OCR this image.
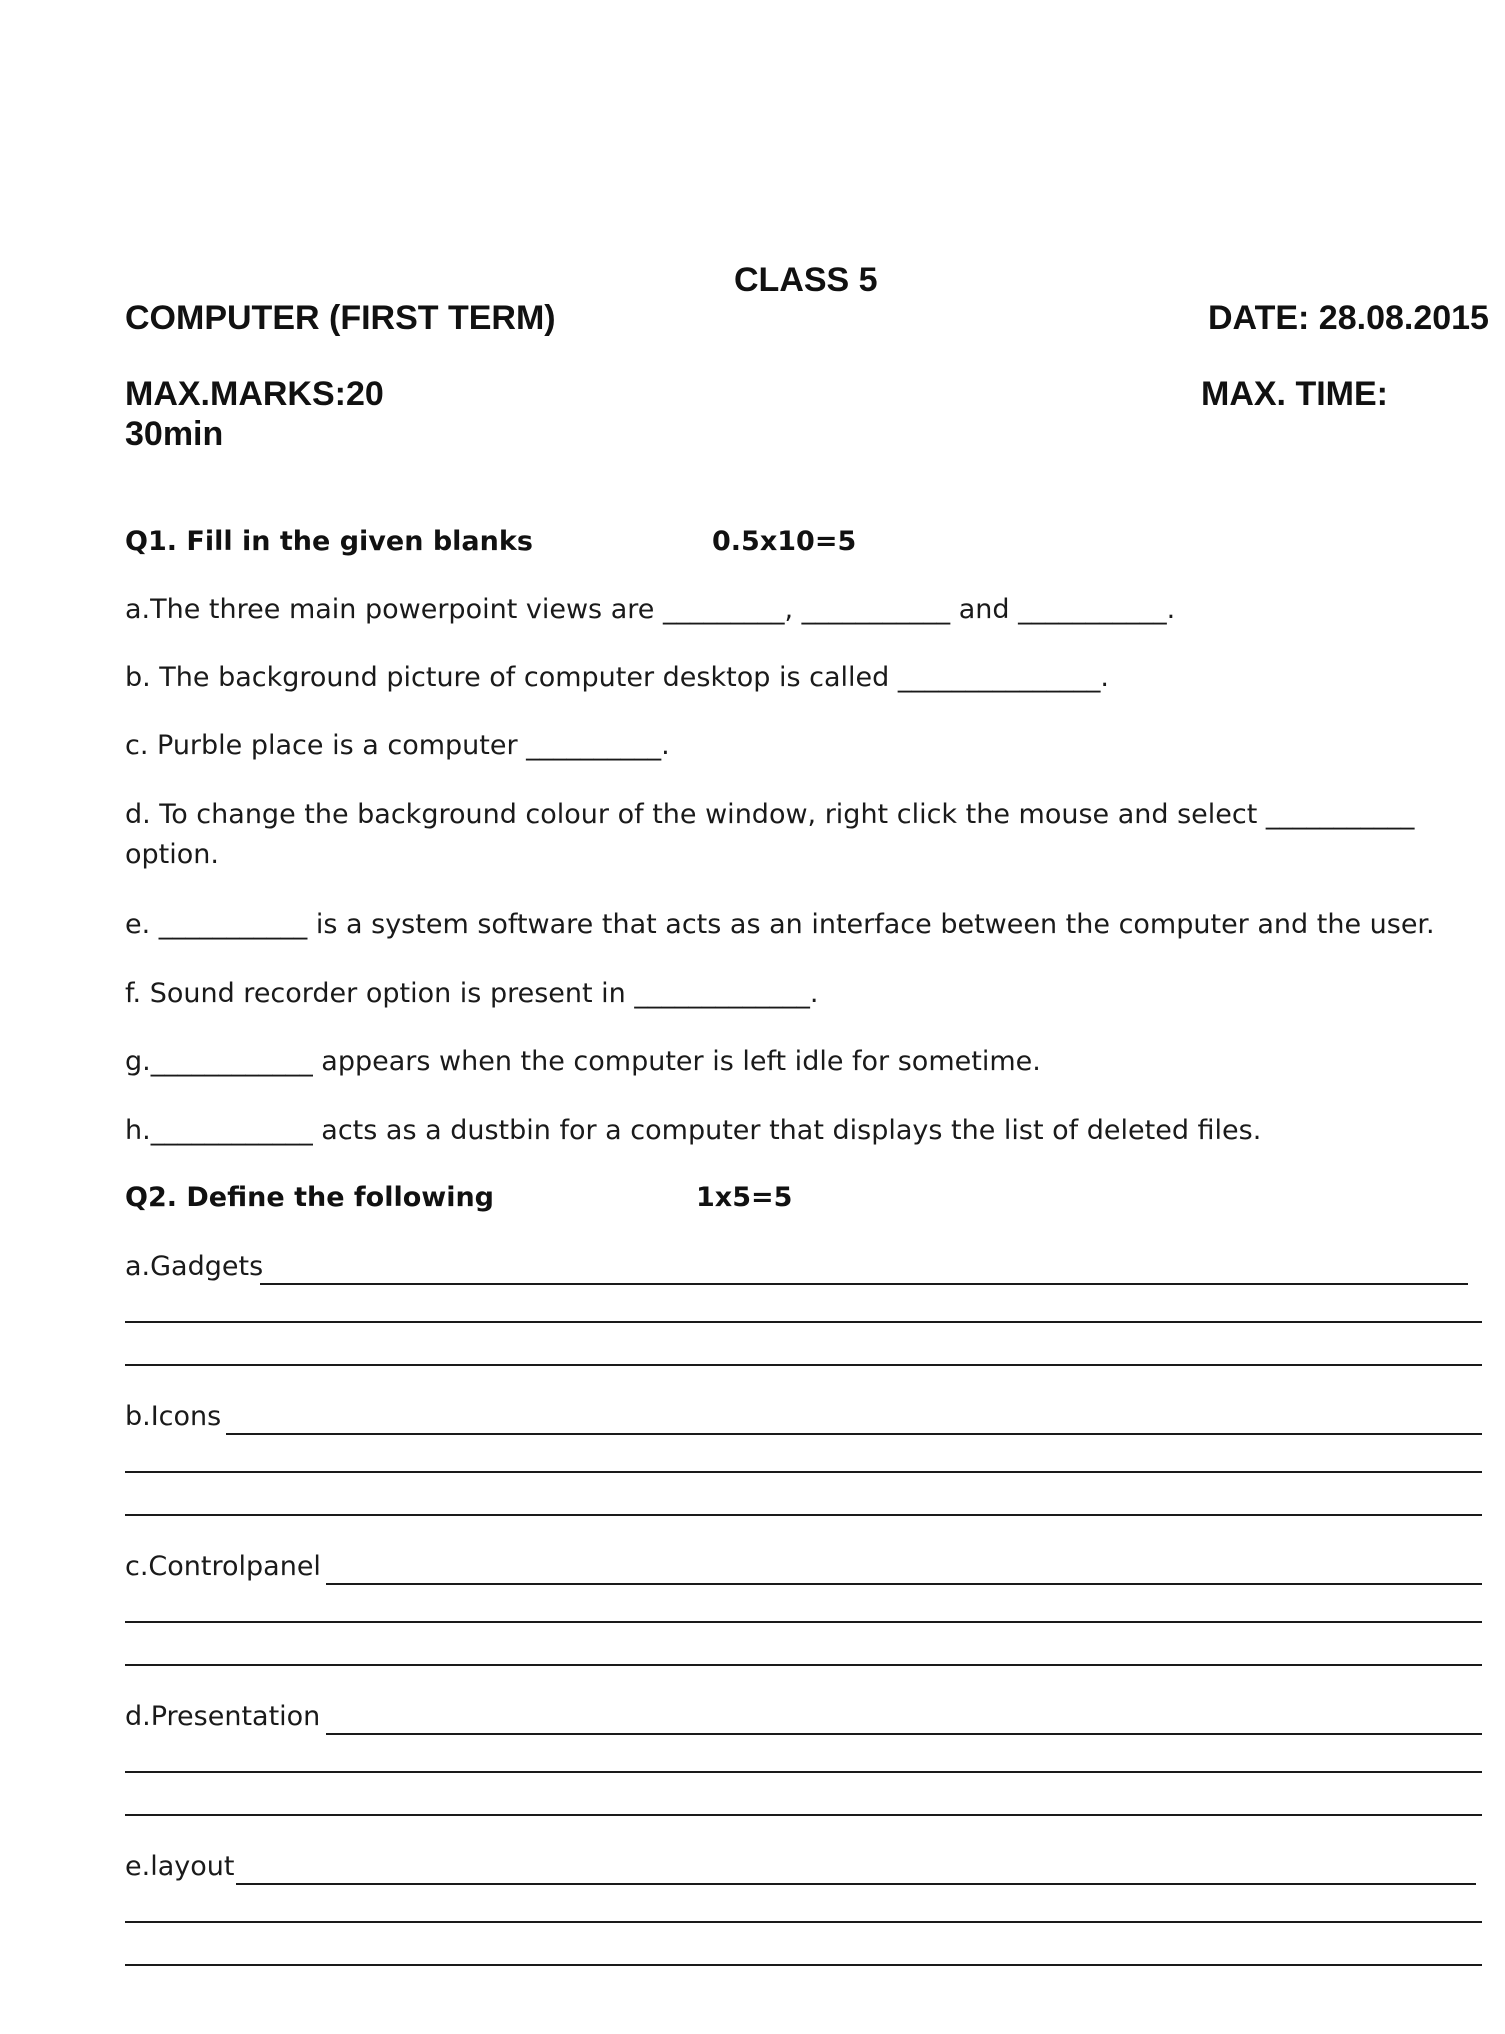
CLASS 5
COMPUTER (FIRST TERM)	DATE: 28.08.2015
MAX.MARKS:20	MAX. TIME:
30min
Q1. Fill in the given blanks	0.5x10=5
a.The three main powerpoint views are _________, ___________ and ___________.
b. The background picture of computer desktop is called _______________.
c. Purble place is a computer __________.
d. To change the background colour of the window, right click the mouse and select ___________
option.
e. ___________ is a system software that acts as an interface between the computer and the user.
f. Sound recorder option is present in _____________.
g.____________ appears when the computer is left idle for sometime.
h.____________ acts as a dustbin for a computer that displays the list of deleted files.
Q2. Define the following	1x5=5
a.Gadgets
b.Icons
c.Controlpanel
d.Presentation
e.layout
